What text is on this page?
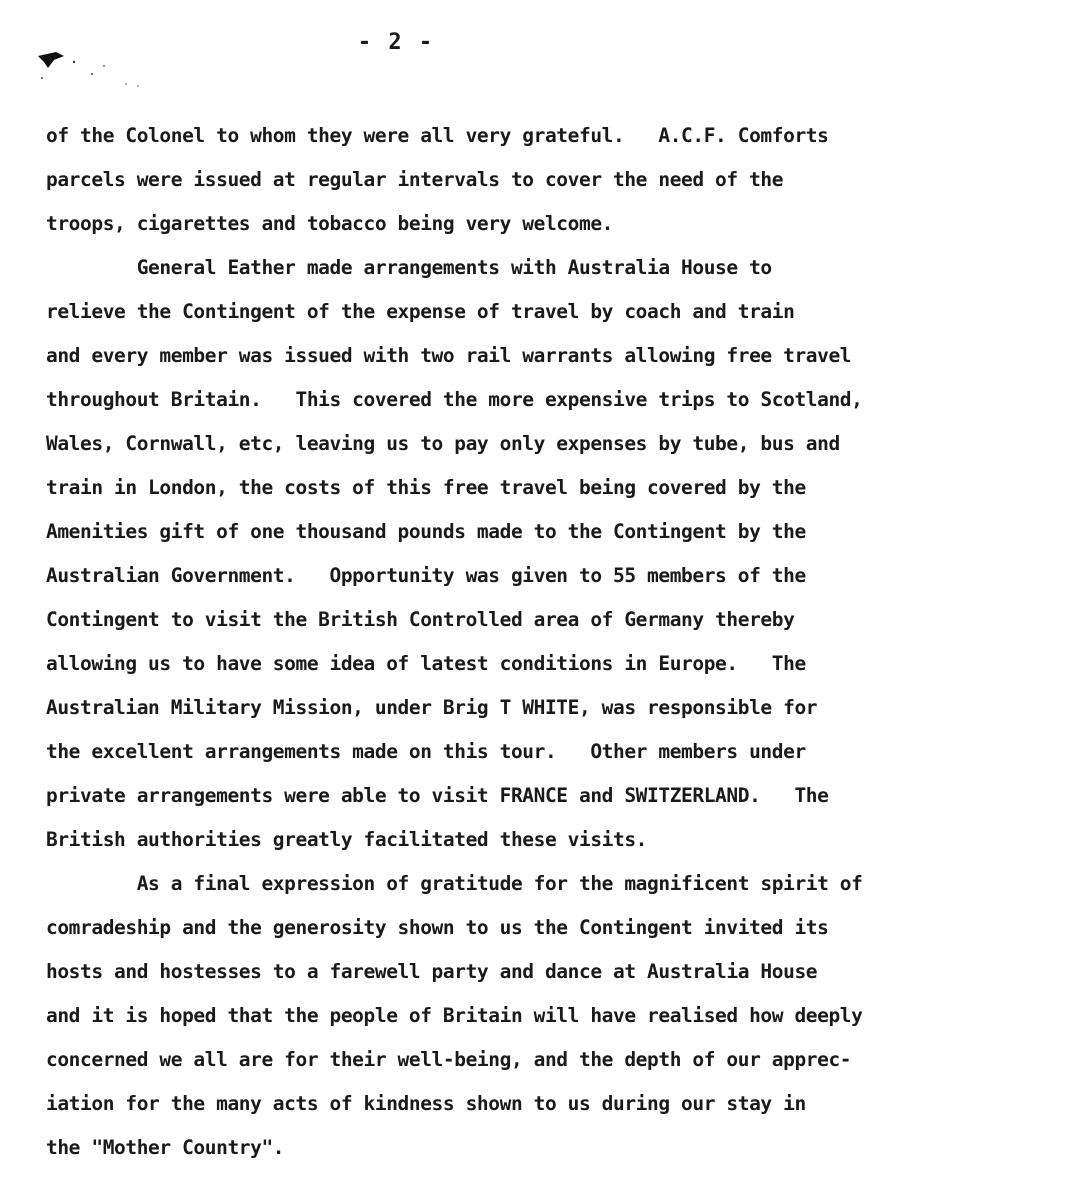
- 2 -
of the Colonel to whom they were all very grateful.   A.C.F. Comforts
parcels were issued at regular intervals to cover the need of the
troops, cigarettes and tobacco being very welcome.
General Eather made arrangements with Australia House to
relieve the Contingent of the expense of travel by coach and train
and every member was issued with two rail warrants allowing free travel
throughout Britain.   This covered the more expensive trips to Scotland,
Wales, Cornwall, etc, leaving us to pay only expenses by tube, bus and
train in London, the costs of this free travel being covered by the
Amenities gift of one thousand pounds made to the Contingent by the
Australian Government.   Opportunity was given to 55 members of the
Contingent to visit the British Controlled area of Germany thereby
allowing us to have some idea of latest conditions in Europe.   The
Australian Military Mission, under Brig T WHITE, was responsible for
the excellent arrangements made on this tour.   Other members under
private arrangements were able to visit FRANCE and SWITZERLAND.   The
British authorities greatly facilitated these visits.
As a final expression of gratitude for the magnificent spirit of
comradeship and the generosity shown to us the Contingent invited its
hosts and hostesses to a farewell party and dance at Australia House
and it is hoped that the people of Britain will have realised how deeply
concerned we all are for their well-being, and the depth of our apprec-
iation for the many acts of kindness shown to us during our stay in
the "Mother Country".
